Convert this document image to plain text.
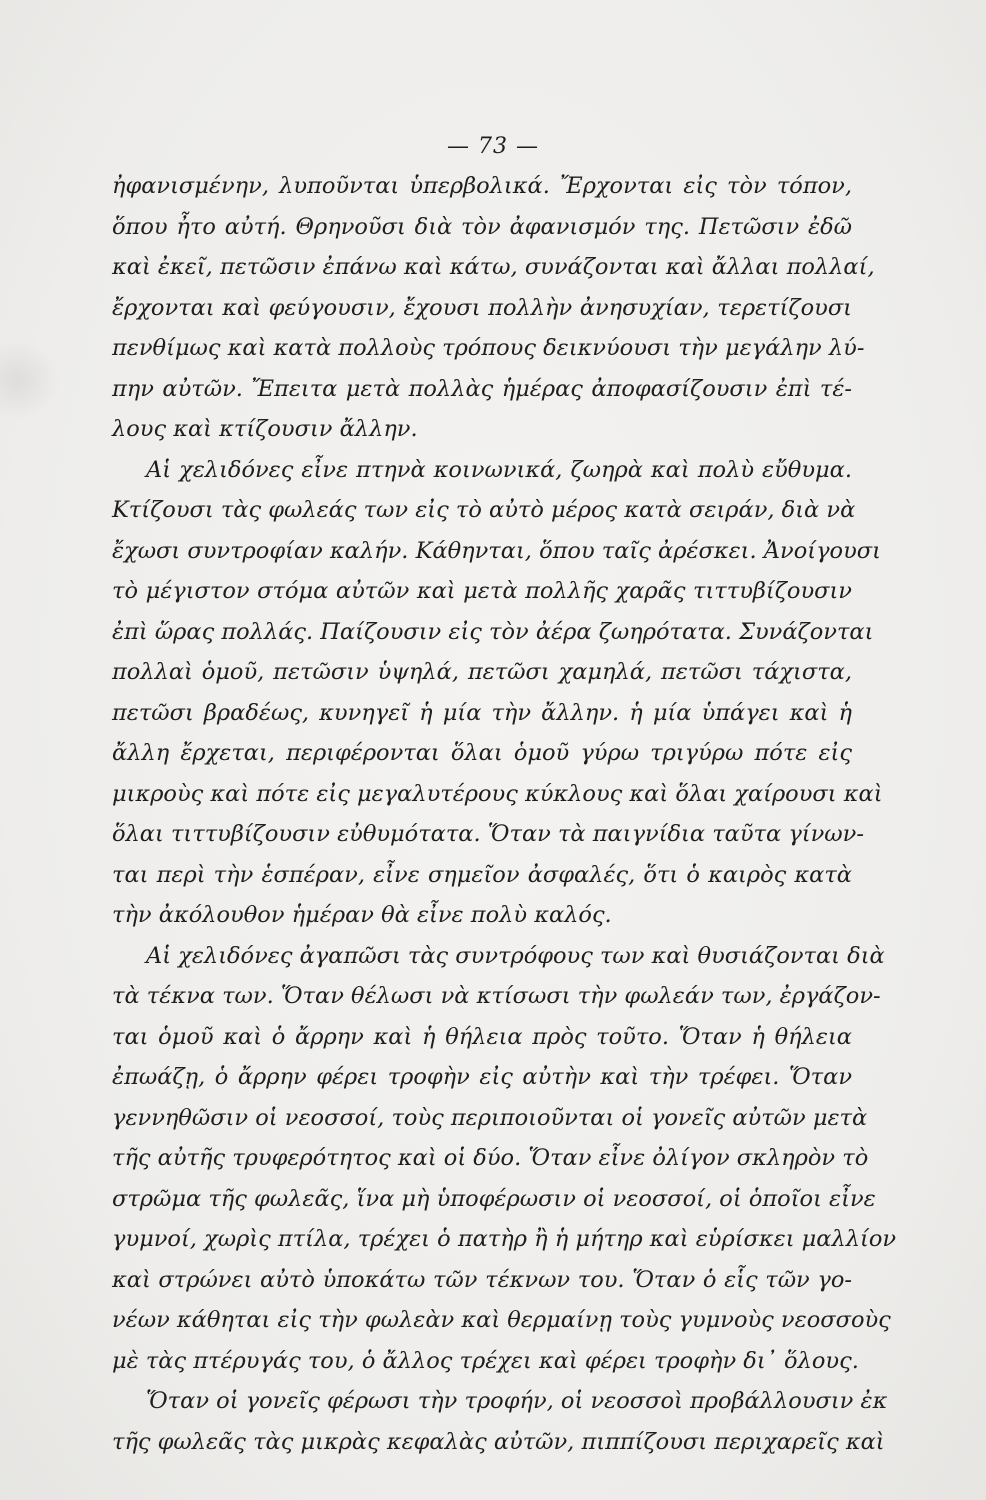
— 73 —
ἠφανισμένην, λυποῦνται ὑπερβολικά. Ἔρχονται εἰς τὸν τόπον,
ὅπου ἦτο αὐτή. Θρηνοῦσι διὰ τὸν ἀφανισμόν της. Πετῶσιν ἐδῶ
καὶ ἐκεῖ, πετῶσιν ἐπάνω καὶ κάτω, συνάζονται καὶ ἄλλαι πολλαί,
ἔρχονται καὶ φεύγουσιν, ἔχουσι πολλὴν ἀνησυχίαν, τερετίζουσι
πενθίμως καὶ κατὰ πολλοὺς τρόπους δεικνύουσι τὴν μεγάλην λύ-
πην αὐτῶν. Ἔπειτα μετὰ πολλὰς ἡμέρας ἀποφασίζουσιν ἐπὶ τέ-
λους καὶ κτίζουσιν ἄλλην.
Αἱ χελιδόνες εἶνε πτηνὰ κοινωνικά, ζωηρὰ καὶ πολὺ εὔθυμα.
Κτίζουσι τὰς φωλεάς των εἰς τὸ αὐτὸ μέρος κατὰ σειράν, διὰ νὰ
ἔχωσι συντροφίαν καλήν. Κάθηνται, ὅπου ταῖς ἀρέσκει. Ἀνοίγουσι
τὸ μέγιστον στόμα αὐτῶν καὶ μετὰ πολλῆς χαρᾶς τιττυβίζουσιν
ἐπὶ ὥρας πολλάς. Παίζουσιν εἰς τὸν ἀέρα ζωηρότατα. Συνάζονται
πολλαὶ ὁμοῦ, πετῶσιν ὑψηλά, πετῶσι χαμηλά, πετῶσι τάχιστα,
πετῶσι βραδέως, κυνηγεῖ ἡ μία τὴν ἄλλην. ἡ μία ὑπάγει καὶ ἡ
ἄλλη ἔρχεται, περιφέρονται ὅλαι ὁμοῦ γύρω τριγύρω πότε εἰς
μικροὺς καὶ πότε εἰς μεγαλυτέρους κύκλους καὶ ὅλαι χαίρουσι καὶ
ὅλαι τιττυβίζουσιν εὐθυμότατα. Ὅταν τὰ παιγνίδια ταῦτα γίνων-
ται περὶ τὴν ἑσπέραν, εἶνε σημεῖον ἀσφαλές, ὅτι ὁ καιρὸς κατὰ
τὴν ἀκόλουθον ἡμέραν θὰ εἶνε πολὺ καλός.
Αἱ χελιδόνες ἀγαπῶσι τὰς συντρόφους των καὶ θυσιάζονται διὰ
τὰ τέκνα των. Ὅταν θέλωσι νὰ κτίσωσι τὴν φωλεάν των, ἐργάζον-
ται ὁμοῦ καὶ ὁ ἄρρην καὶ ἡ θήλεια πρὸς τοῦτο. Ὅταν ἡ θήλεια
ἐπωάζῃ, ὁ ἄρρην φέρει τροφὴν εἰς αὐτὴν καὶ τὴν τρέφει. Ὅταν
γεννηθῶσιν οἱ νεοσσοί, τοὺς περιποιοῦνται οἱ γονεῖς αὐτῶν μετὰ
τῆς αὐτῆς τρυφερότητος καὶ οἱ δύο. Ὅταν εἶνε ὀλίγον σκληρὸν τὸ
στρῶμα τῆς φωλεᾶς, ἵνα μὴ ὑποφέρωσιν οἱ νεοσσοί, οἱ ὁποῖοι εἶνε
γυμνοί, χωρὶς πτίλα, τρέχει ὁ πατὴρ ἢ ἡ μήτηρ καὶ εὑρίσκει μαλλίον
καὶ στρώνει αὐτὸ ὑποκάτω τῶν τέκνων του. Ὅταν ὁ εἷς τῶν γο-
νέων κάθηται εἰς τὴν φωλεὰν καὶ θερμαίνῃ τοὺς γυμνοὺς νεοσσοὺς
μὲ τὰς πτέρυγάς του, ὁ ἄλλος τρέχει καὶ φέρει τροφὴν δι᾽ ὅλους.
Ὅταν οἱ γονεῖς φέρωσι τὴν τροφήν, οἱ νεοσσοὶ προβάλλουσιν ἐκ
τῆς φωλεᾶς τὰς μικρὰς κεφαλὰς αὐτῶν, πιππίζουσι περιχαρεῖς καὶ
